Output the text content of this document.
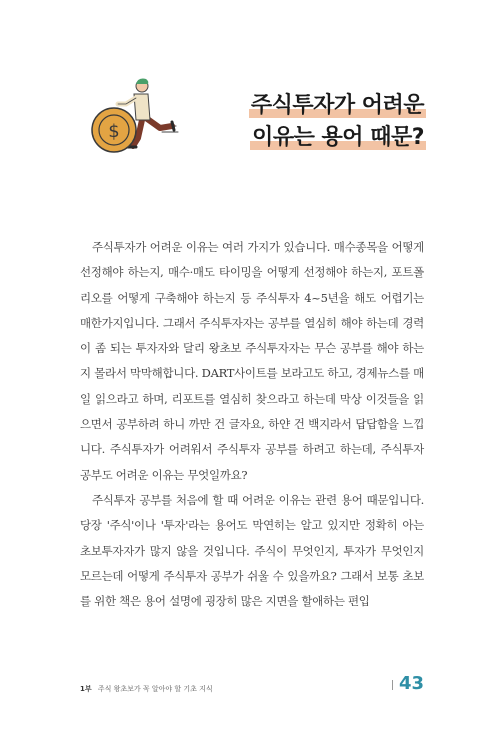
$
주식투자가 어려운
이유는 용어 때문?

주식투자가 어려운 이유는 여러 가지가 있습니다. 매수종목을 어떻게 선정해야 하는지, 매수·매도 타이밍을 어떻게 선정해야 하는지, 포트폴리오를 어떻게 구축해야 하는지 등 주식투자 4~5년을 해도 어렵기는 매한가지입니다. 그래서 주식투자자는 공부를 열심히 해야 하는데 경력이 좀 되는 투자자와 달리 왕초보 주식투자자는 무슨 공부를 해야 하는지 몰라서 막막해합니다. DART사이트를 보라고도 하고, 경제뉴스를 매일 읽으라고 하며, 리포트를 열심히 찾으라고 하는데 막상 이것들을 읽으면서 공부하려 하니 까만 건 글자요, 하얀 건 백지라서 답답함을 느낍니다. 주식투자가 어려워서 주식투자 공부를 하려고 하는데, 주식투자 공부도 어려운 이유는 무엇일까요?

주식투자 공부를 처음에 할 때 어려운 이유는 관련 용어 때문입니다. 당장 '주식'이나 '투자'라는 용어도 막연히는 알고 있지만 정확히 아는 초보투자자가 많지 않을 것입니다. 주식이 무엇인지, 투자가 무엇인지 모르는데 어떻게 주식투자 공부가 쉬울 수 있을까요? 그래서 보통 초보를 위한 책은 용어 설명에 굉장히 많은 지면을 할애하는 편입

1부 주식 왕초보가 꼭 알아야 할 기초 지식	43
